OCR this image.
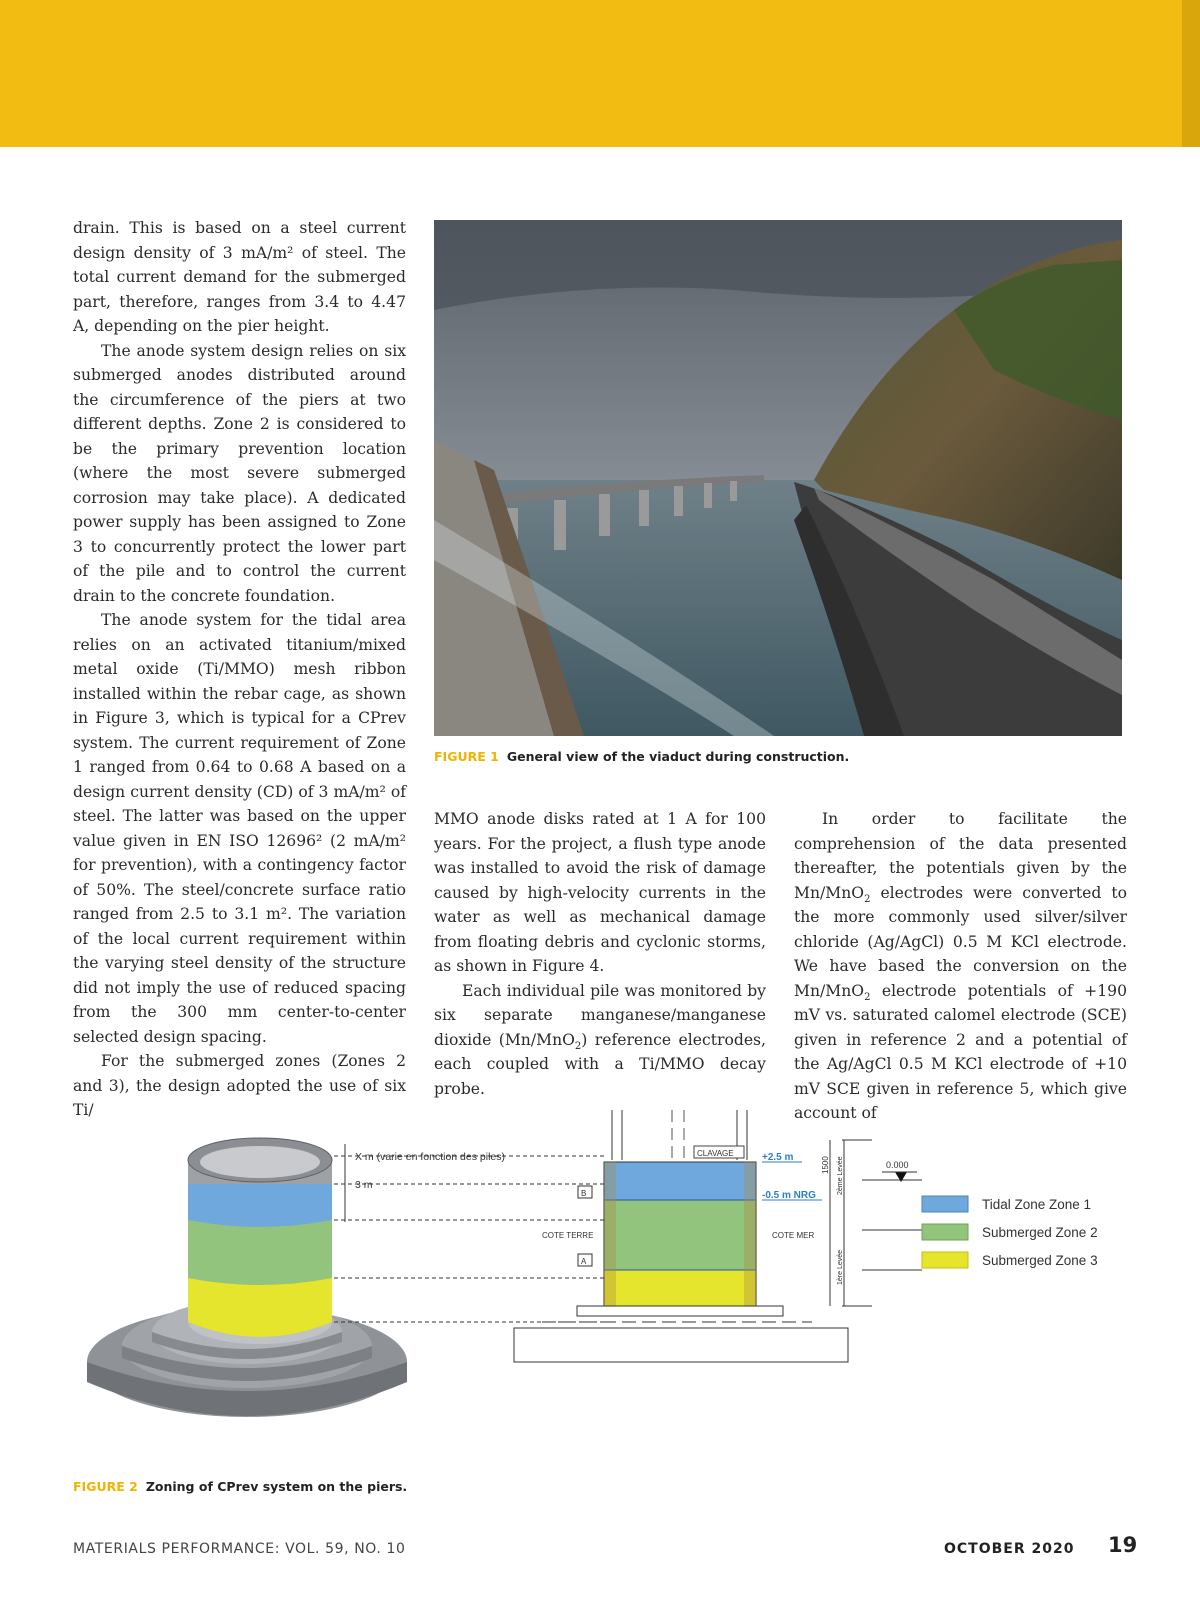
drain. This is based on a steel current design density of 3 mA/m² of steel. The total current demand for the submerged part, therefore, ranges from 3.4 to 4.47 A, depending on the pier height.

The anode system design relies on six submerged anodes distributed around the circumference of the piers at two different depths. Zone 2 is considered to be the primary prevention location (where the most severe submerged corrosion may take place). A dedicated power supply has been assigned to Zone 3 to concurrently protect the lower part of the pile and to control the current drain to the concrete foundation.

The anode system for the tidal area relies on an activated titanium/mixed metal oxide (Ti/MMO) mesh ribbon installed within the rebar cage, as shown in Figure 3, which is typical for a CPrev system. The current requirement of Zone 1 ranged from 0.64 to 0.68 A based on a design current density (CD) of 3 mA/m² of steel. The latter was based on the upper value given in EN ISO 12696² (2 mA/m² for prevention), with a contingency factor of 50%. The steel/concrete surface ratio ranged from 2.5 to 3.1 m². The variation of the local current requirement within the varying steel density of the structure did not imply the use of reduced spacing from the 300 mm center-to-center selected design spacing.

For the submerged zones (Zones 2 and 3), the design adopted the use of six Ti/

FIGURE 1 General view of the viaduct during construction.

MMO anode disks rated at 1 A for 100 years. For the project, a flush type anode was installed to avoid the risk of damage caused by high-velocity currents in the water as well as mechanical damage from floating debris and cyclonic storms, as shown in Figure 4.

Each individual pile was monitored by six separate manganese/manganese dioxide (Mn/MnO$_2$) reference electrodes, each coupled with a Ti/MMO decay probe.

In order to facilitate the comprehension of the data presented thereafter, the potentials given by the Mn/MnO$_2$ electrodes were converted to the more commonly used silver/silver chloride (Ag/AgCl) 0.5 M KCl electrode. We have based the conversion on the Mn/MnO$_2$ electrode potentials of +190 mV vs. saturated calomel electrode (SCE) given in reference 2 and a potential of the Ag/AgCl 0.5 M KCl electrode of +10 mV SCE given in reference 5, which give account of

X m (varie en fonction des piles)
3 m
CLAVAGE
B
A
COTE TERRE	COTE MER
+2.5 m
-0.5 m NRG
1500 2ème Levée
1ère Levée
0.000
Tidal Zone Zone 1
Submerged Zone 2
Submerged Zone 3
FIGURE 2 Zoning of CPrev system on the piers.
MATERIALS PERFORMANCE: VOL. 59, NO. 10	OCTOBER 2020 19
